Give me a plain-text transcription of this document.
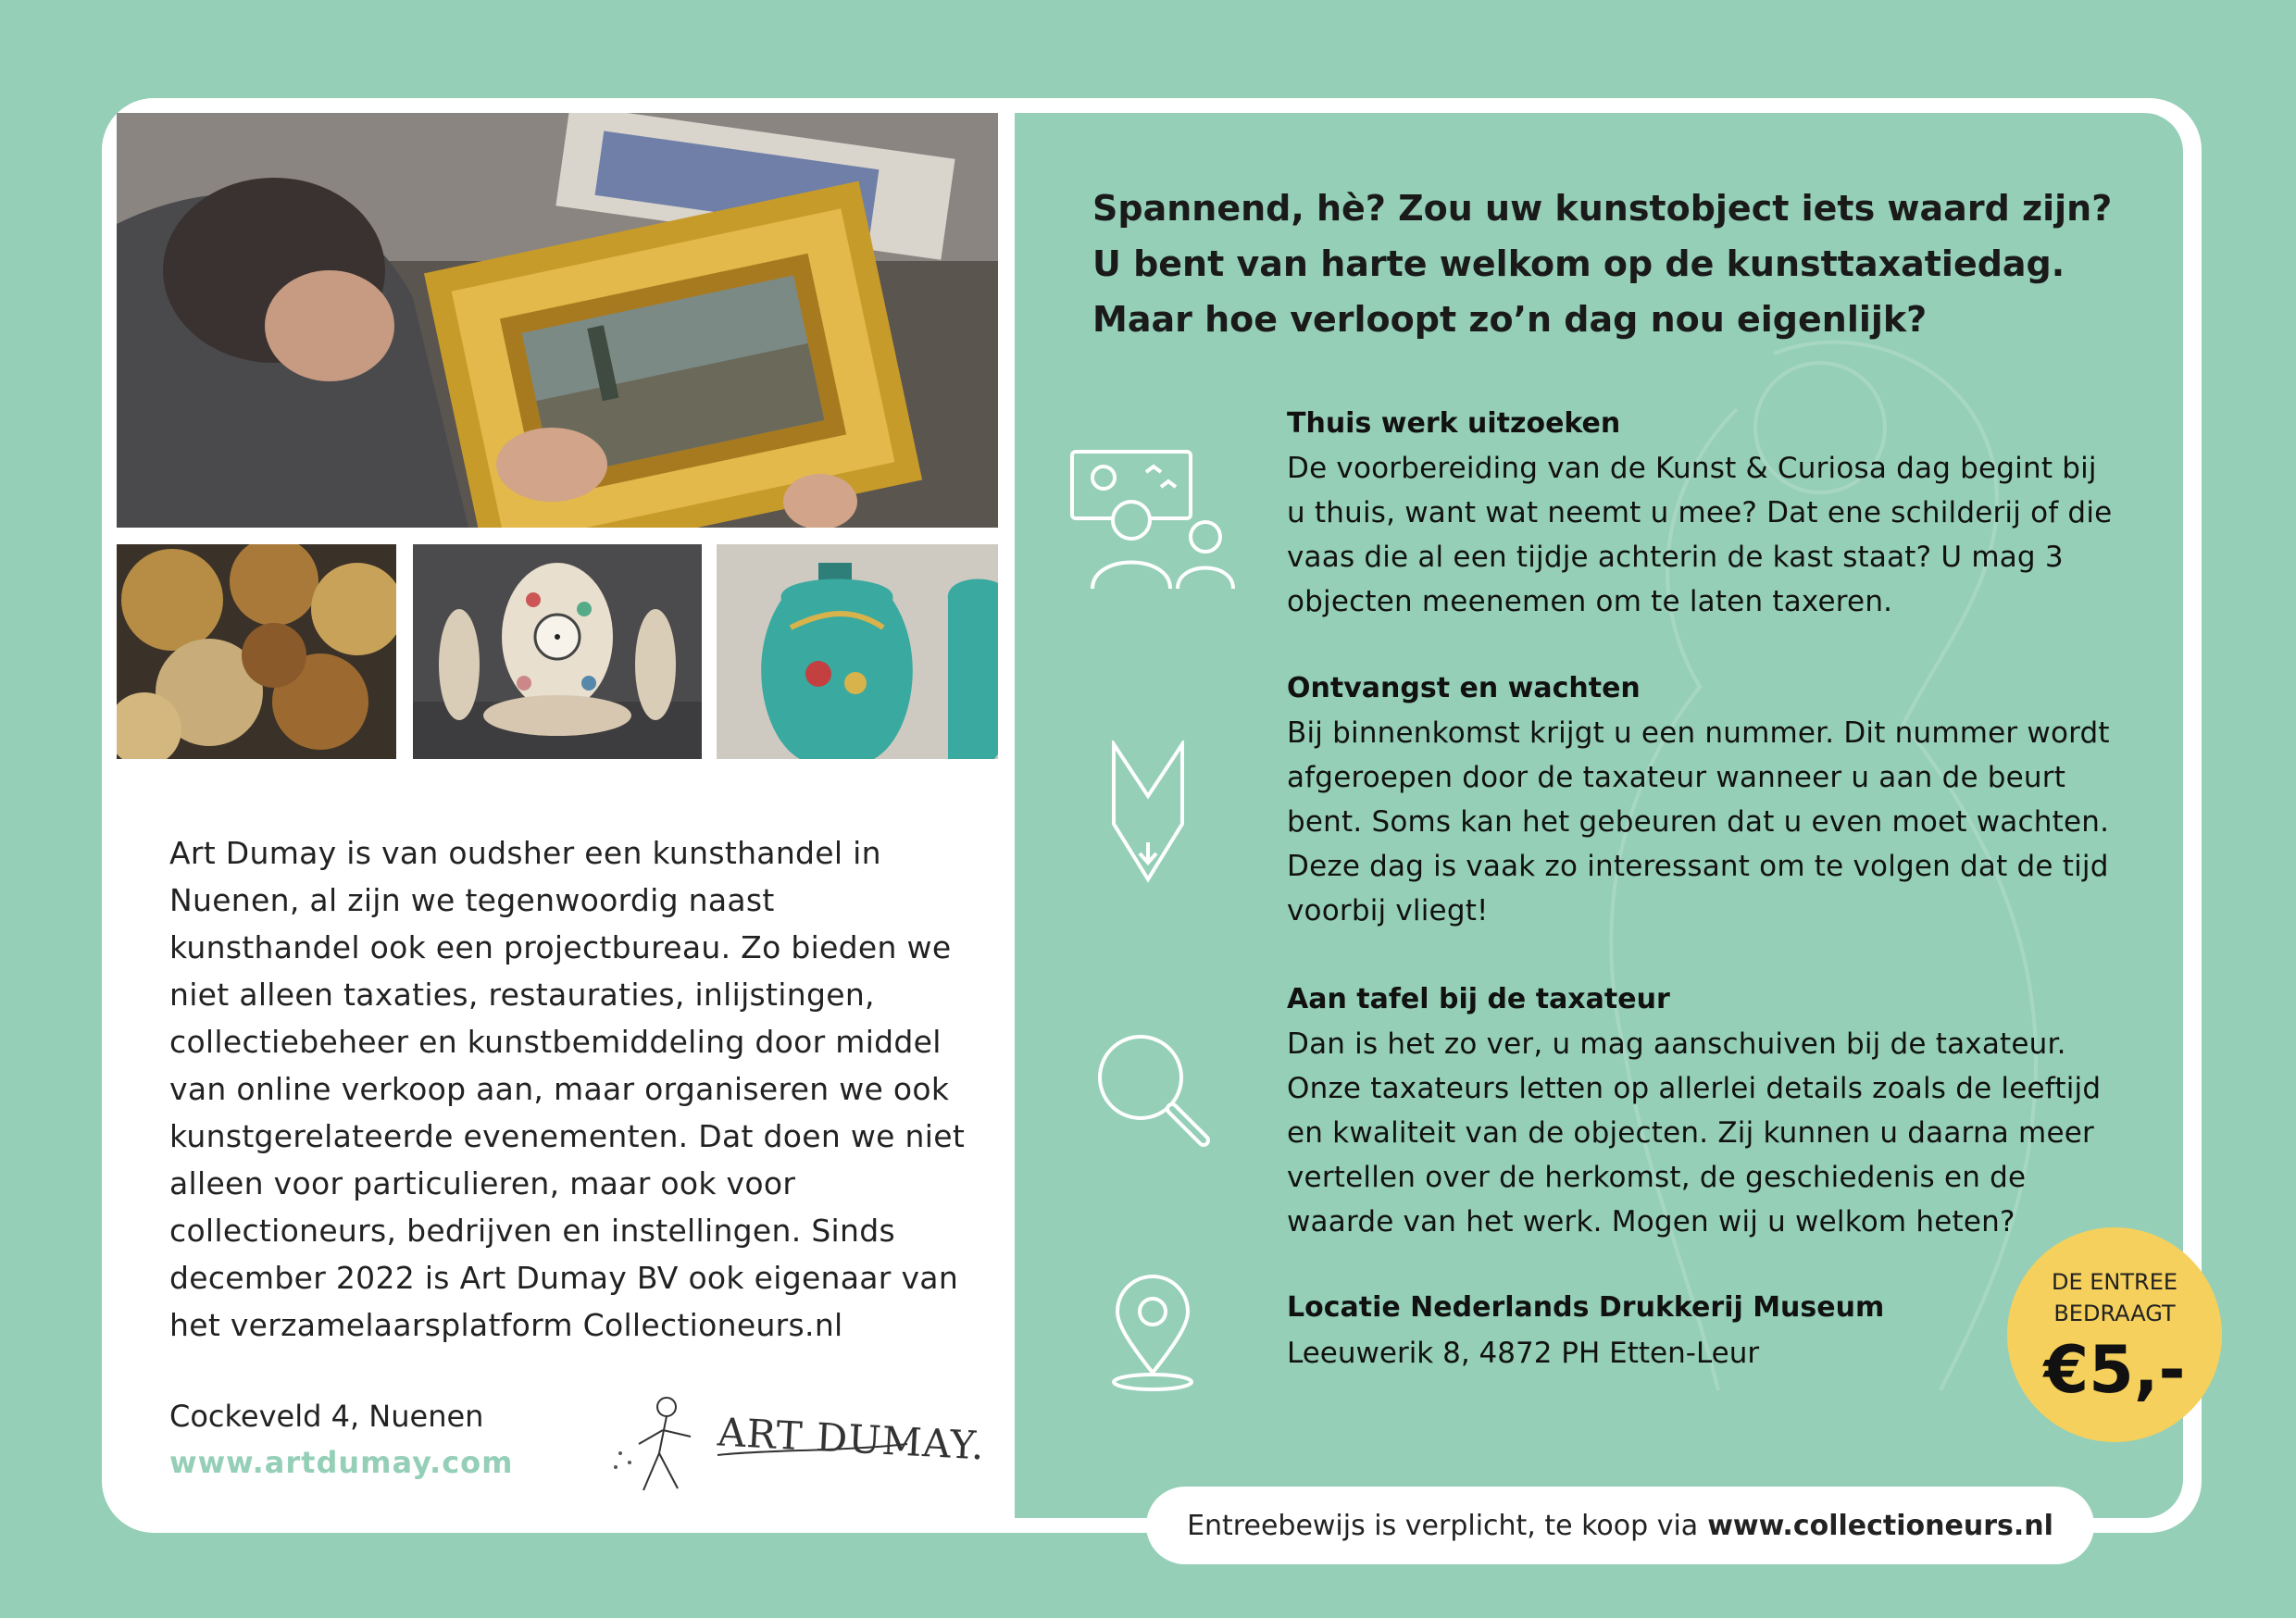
Art Dumay is van oudsher een kunsthandel in Nuenen, al zijn we tegenwoordig naast kunsthandel ook een projectbureau. Zo bieden we niet alleen taxaties, restauraties, inlijstingen, collectiebeheer en kunstbemiddeling door middel van online verkoop aan, maar organiseren we ook kunstgerelateerde evenementen. Dat doen we niet alleen voor particulieren, maar ook voor collectioneurs, bedrijven en instellingen. Sinds december 2022 is Art Dumay BV ook eigenaar van het verzamelaarsplatform Collectioneurs.nl
Cockeveld 4, Nuenen
www.artdumay.com	ART DUMAY.
Spannend, hè? Zou uw kunstobject iets waard zijn?
U bent van harte welkom op de kunsttaxatiedag.
Maar hoe verloopt zo’n dag nou eigenlijk?
Thuis werk uitzoeken
De voorbereiding van de Kunst & Curiosa dag begint bij
u thuis, want wat neemt u mee? Dat ene schilderij of die
vaas die al een tijdje achterin de kast staat? U mag 3
objecten meenemen om te laten taxeren.
Ontvangst en wachten
Bij binnenkomst krijgt u een nummer. Dit nummer wordt
afgeroepen door de taxateur wanneer u aan de beurt
bent. Soms kan het gebeuren dat u even moet wachten.
Deze dag is vaak zo interessant om te volgen dat de tijd
voorbij vliegt!
Aan tafel bij de taxateur
Dan is het zo ver, u mag aanschuiven bij de taxateur.
Onze taxateurs letten op allerlei details zoals de leeftijd
en kwaliteit van de objecten. Zij kunnen u daarna meer
vertellen over de herkomst, de geschiedenis en de
waarde van het werk. Mogen wij u welkom heten?
Locatie Nederlands Drukkerij Museum
Leeuwerik 8, 4872 PH Etten-Leur
DE ENTREE
BEDRAAGT
€5,-
Entreebewijs is verplicht, te koop via www.collectioneurs.nl
